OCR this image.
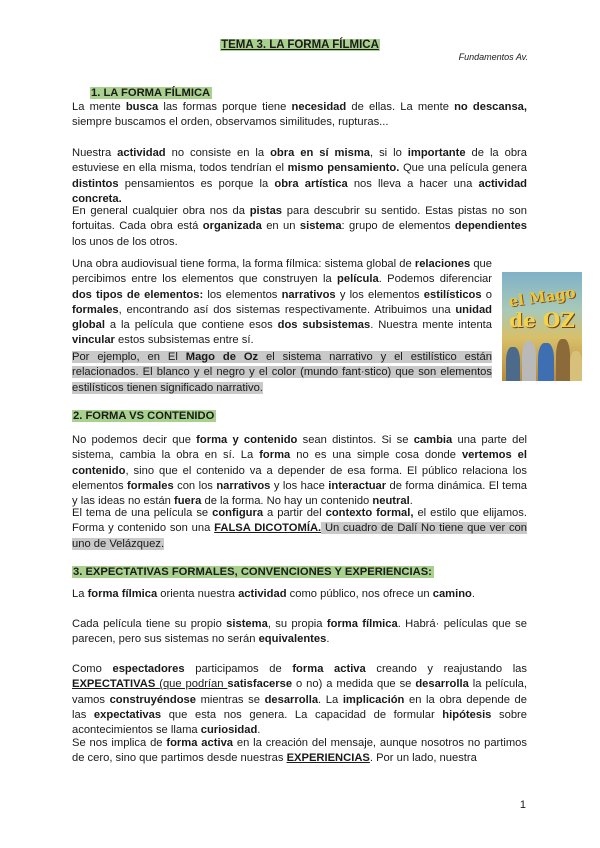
TEMA 3. LA FORMA FÍLMICA

Fundamentos Av.

1. LA FORMA FÍLMICA

La mente busca las formas porque tiene necesidad de ellas. La mente no descansa, siempre buscamos el orden, observamos similitudes, rupturas...

Nuestra actividad no consiste en la obra en sí misma, si lo importante de la obra estuviese en ella misma, todos tendrían el mismo pensamiento. Que una película genera distintos pensamientos es porque la obra artística nos lleva a hacer una actividad concreta.

En general cualquier obra nos da pistas para descubrir su sentido. Estas pistas no son fortuitas. Cada obra está organizada en un sistema: grupo de elementos dependientes los unos de los otros.

Una obra audiovisual tiene forma, la forma fílmica: sistema global de relaciones que percibimos entre los elementos que construyen la película. Podemos diferenciar dos tipos de elementos: los elementos narrativos y los elementos estilísticos o formales, encontrando así dos sistemas respectivamente. Atribuimos una unidad global a la película que contiene esos dos subsistemas. Nuestra mente intenta vincular estos subsistemas entre sí.

Por ejemplo, en El Mago de Oz el sistema narrativo y el estilístico están relacionados. El blanco y el negro y el color (mundo fant·stico) que son elementos estilísticos tienen significado narrativo.

el Mago
de OZ

2. FORMA VS CONTENIDO

No podemos decir que forma y contenido sean distintos. Si se cambia una parte del sistema, cambia la obra en sí. La forma no es una simple cosa donde vertemos el contenido, sino que el contenido va a depender de esa forma. El público relaciona los elementos formales con los narrativos y los hace interactuar de forma dinámica. El tema y las ideas no están fuera de la forma. No hay un contenido neutral.

El tema de una película se configura a partir del contexto formal, el estilo que elijamos. Forma y contenido son una FALSA DICOTOMÍA. Un cuadro de Dalí No tiene que ver con uno de Velázquez.

3. EXPECTATIVAS FORMALES, CONVENCIONES Y EXPERIENCIAS:

La forma fílmica orienta nuestra actividad como público, nos ofrece un camino.

Cada película tiene su propio sistema, su propia forma fílmica. Habrá· películas que se parecen, pero sus sistemas no serán equivalentes.

Como espectadores participamos de forma activa creando y reajustando las EXPECTATIVAS (que podrían satisfacerse o no) a medida que se desarrolla la película, vamos construyéndose mientras se desarrolla. La implicación en la obra depende de las expectativas que esta nos genera. La capacidad de formular hipótesis sobre acontecimientos se llama curiosidad.

Se nos implica de forma activa en la creación del mensaje, aunque nosotros no partimos de cero, sino que partimos desde nuestras EXPERIENCIAS. Por un lado, nuestra

1
